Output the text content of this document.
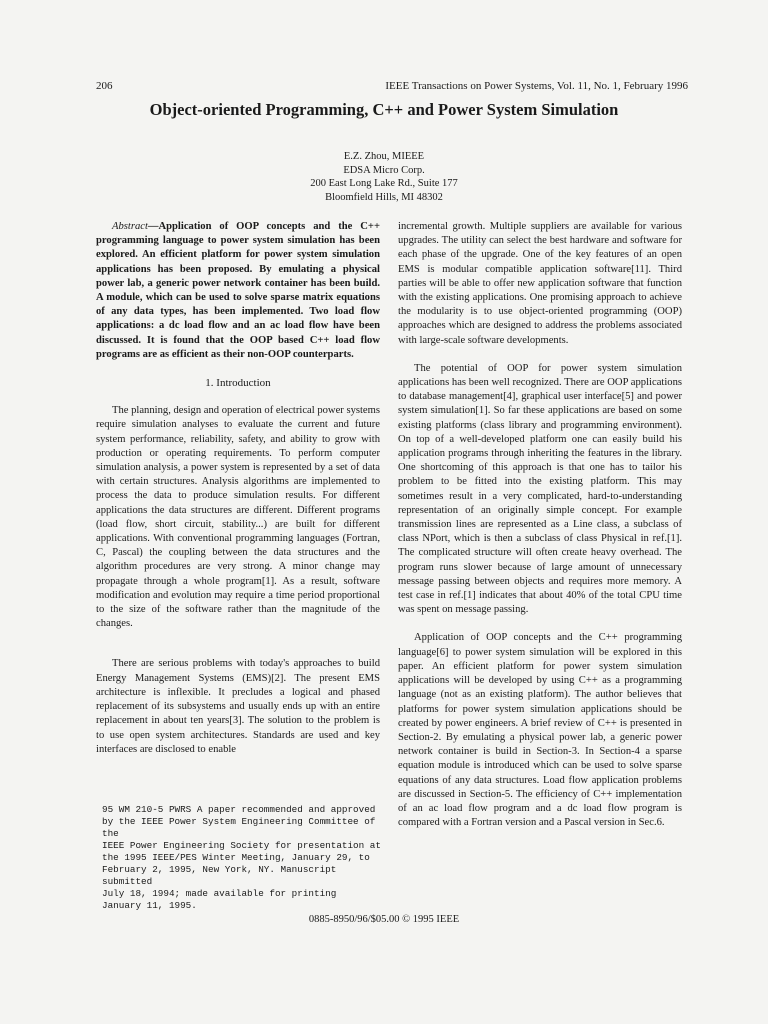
206	IEEE Transactions on Power Systems, Vol. 11, No. 1, February 1996
Object-oriented Programming, C++ and Power System Simulation
E.Z. Zhou, MIEEE
EDSA Micro Corp.
200 East Long Lake Rd., Suite 177
Bloomfield Hills, MI 48302

Abstract—Application of OOP concepts and the C++ programming language to power system simulation has been explored. An efficient platform for power system simulation applications has been proposed. By emulating a physical power lab, a generic power network container has been build. A module, which can be used to solve sparse matrix equations of any data types, has been implemented. Two load flow applications: a dc load flow and an ac load flow have been discussed. It is found that the OOP based C++ load flow programs are as efficient as their non-OOP counterparts.

1. Introduction

The planning, design and operation of electrical power systems require simulation analyses to evaluate the current and future system performance, reliability, safety, and ability to grow with production or operating requirements. To perform computer simulation analysis, a power system is represented by a set of data with certain structures. Analysis algorithms are implemented to process the data to produce simulation results. For different applications the data structures are different. Different programs (load flow, short circuit, stability...) are built for different applications. With conventional programming languages (Fortran, C, Pascal) the coupling between the data structures and the algorithm procedures are very strong. A minor change may propagate through a whole program[1]. As a result, software modification and evolution may require a time period proportional to the size of the software rather than the magnitude of the changes.

There are serious problems with today's approaches to build Energy Management Systems (EMS)[2]. The present EMS architecture is inflexible. It precludes a logical and phased replacement of its subsystems and usually ends up with an entire replacement in about ten years[3]. The solution to the problem is to use open system architectures. Standards are used and key interfaces are disclosed to enable

incremental growth. Multiple suppliers are available for various upgrades. The utility can select the best hardware and software for each phase of the upgrade. One of the key features of an open EMS is modular compatible application software[11]. Third parties will be able to offer new application software that function with the existing applications. One promising approach to achieve the modularity is to use object-oriented programming (OOP) approaches which are designed to address the problems associated with large-scale software developments.

The potential of OOP for power system simulation applications has been well recognized. There are OOP applications to database management[4], graphical user interface[5] and power system simulation[1]. So far these applications are based on some existing platforms (class library and programming environment). On top of a well-developed platform one can easily build his application programs through inheriting the features in the library. One shortcoming of this approach is that one has to tailor his problem to be fitted into the existing platform. This may sometimes result in a very complicated, hard-to-understanding representation of an originally simple concept. For example transmission lines are represented as a Line class, a subclass of class NPort, which is then a subclass of class Physical in ref.[1]. The complicated structure will often create heavy overhead. The program runs slower because of large amount of unnecessary message passing between objects and requires more memory. A test case in ref.[1] indicates that about 40% of the total CPU time was spent on message passing.

Application of OOP concepts and the C++ programming language[6] to power system simulation will be explored in this paper. An efficient platform for power system simulation applications will be developed by using C++ as a programming language (not as an existing platform). The author believes that platforms for power system simulation applications should be created by power engineers. A brief review of C++ is presented in Section-2. By emulating a physical power lab, a generic power network container is build in Section-3. In Section-4 a sparse equation module is introduced which can be used to solve sparse equations of any data structures. Load flow application problems are discussed in Section-5. The efficiency of C++ implementation of an ac load flow program and a dc load flow program is compared with a Fortran version and a Pascal version in Sec.6.

95 WM 210-5 PWRS A paper recommended and approved
by the IEEE Power System Engineering Committee of the
IEEE Power Engineering Society for presentation at
the 1995 IEEE/PES Winter Meeting, January 29, to
February 2, 1995, New York, NY. Manuscript submitted
July 18, 1994; made available for printing
January 11, 1995.
0885-8950/96/$05.00 © 1995 IEEE
